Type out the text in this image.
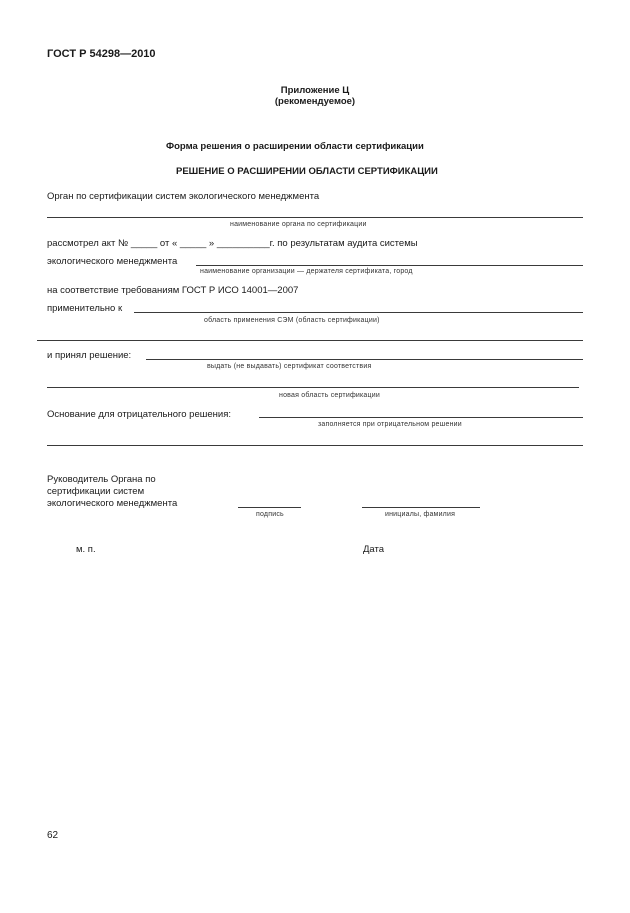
ГОСТ Р 54298—2010
Приложение Ц
(рекомендуемое)
Форма решения о расширении области сертификации
РЕШЕНИЕ О РАСШИРЕНИИ ОБЛАСТИ СЕРТИФИКАЦИИ
Орган по сертификации систем экологического менеджмента
наименование органа по сертификации
рассмотрел акт № _____ от « _____ » __________г. по результатам аудита системы
экологического менеджмента
наименование организации — держателя сертификата, город
на соответствие требованиям ГОСТ Р ИСО 14001—2007
применительно к
область применения СЭМ (область сертификации)
и принял решение:
выдать (не выдавать) сертификат соответствия
новая область сертификации
Основание для отрицательного решения:
заполняется при отрицательном решении
Руководитель Органа по
сертификации систем
экологического менеджмента
подпись	инициалы, фамилия
м. п.	Дата
62
